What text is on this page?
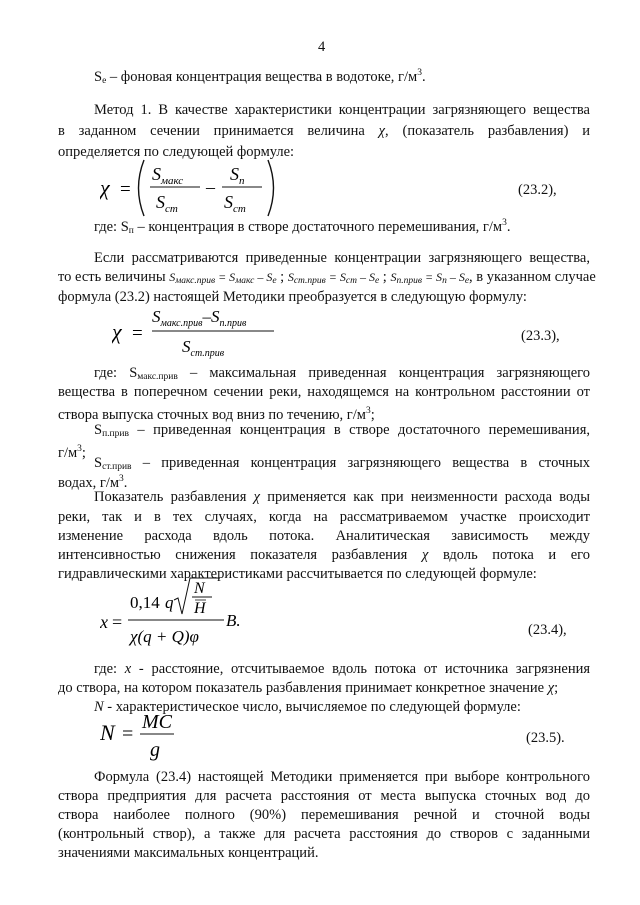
4
$S_е$ – фоновая концентрация вещества в водотоке, $г/м^3$.
Метод 1. В качестве характеристики концентрации загрязняющего вещества
в заданном сечении принимается величина χ, (показатель разбавления) и
определяется по следующей формуле:
χ =
$S_{макс}$
$S_{ст}$
–
$S_п$
$S_{ст}$
(23.2),
где: $S_п$ – концентрация в створе достаточного перемешивания, $г/м^3$.
Если рассматриваются приведенные концентрации загрязняющего вещества,
то есть величины $S_{макс.прив} = S_{макс} - S_е$ ; $S_{ст.прив} = S_{ст} - S_е$ ; $S_{п.прив} = S_п - S_е$, в указанном случае
формула (23.2) настоящей Методики преобразуется в следующую формулу:
χ =
$S_{макс.прив}-S_{п.прив}$
$S_{ст.прив}$
(23.3),
где: $S_{макс.прив}$ – максимальная приведенная концентрация загрязняющего
вещества в поперечном сечении реки, находящемся на контрольном расстоянии от
створа выпуска сточных вод вниз по течению, $г/м^3$;
$S_{п.прив}$ – приведенная концентрация в створе достаточного перемешивания,
$г/м^3$;
$S_{ст.прив}$ – приведенная концентрация загрязняющего вещества в сточных
водах, $г/м^3$.
Показатель разбавления χ применяется как при неизменности расхода воды
реки, так и в тех случаях, когда на рассматриваемом участке происходит
изменение расхода вдоль потока. Аналитическая зависимость между
интенсивностью снижения показателя разбавления χ вдоль потока и его
гидравлическими характеристиками рассчитывается по следующей формуле:
x =
0,14 q
N
H
B.
χ(q + Q)φ	(23.4),
где: x - расстояние, отсчитываемое вдоль потока от источника загрязнения
до створа, на котором показатель разбавления принимает конкретное значение χ;
N - характеристическое число, вычисляемое по следующей формуле:
N =
MC
g
(23.5).
Формула (23.4) настоящей Методики применяется при выборе контрольного
створа предприятия для расчета расстояния от места выпуска сточных вод до
створа наиболее полного (90%) перемешивания речной и сточной воды
(контрольный створ), а также для расчета расстояния до створов с заданными
значениями максимальных концентраций.
